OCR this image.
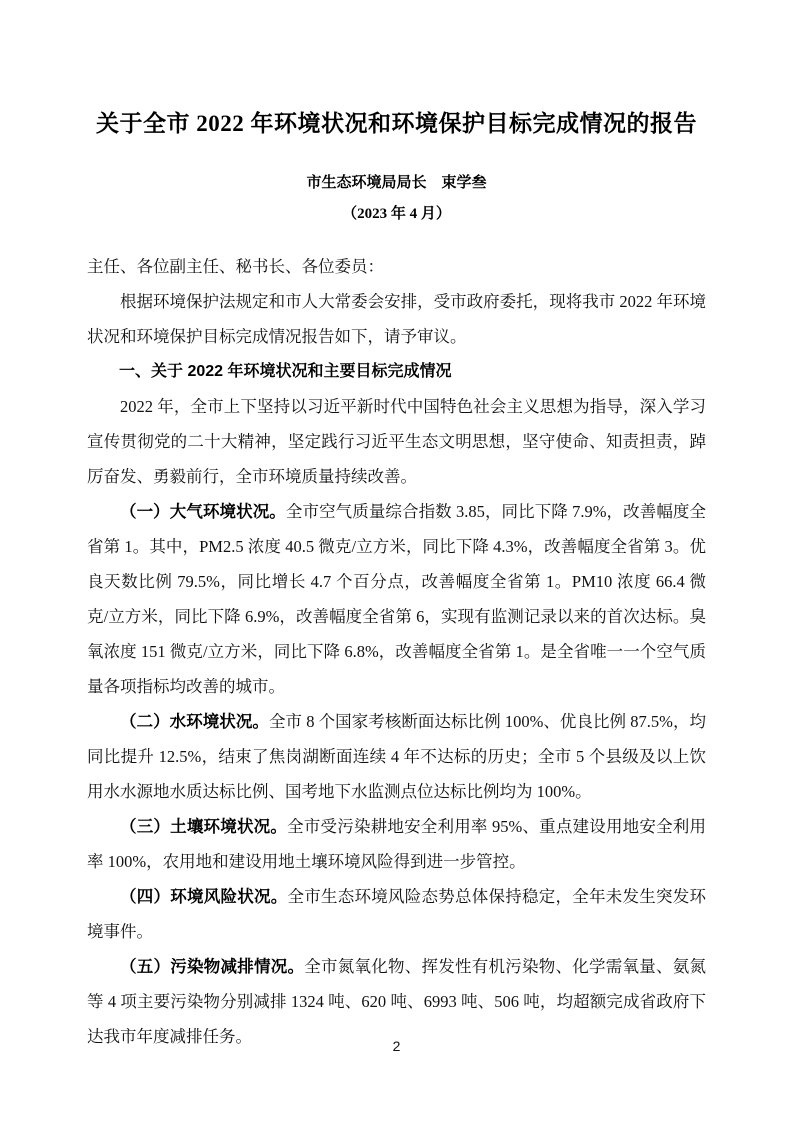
关于全市 2022 年环境状况和环境保护目标完成情况的报告
市生态环境局局长　束学叁
（2023 年 4 月）

主任、各位副主任、秘书长、各位委员：

根据环境保护法规定和市人大常委会安排，受市政府委托，现将我市 2022 年环境状况和环境保护目标完成情况报告如下，请予审议。

一、关于 2022 年环境状况和主要目标完成情况

2022 年，全市上下坚持以习近平新时代中国特色社会主义思想为指导，深入学习宣传贯彻党的二十大精神，坚定践行习近平生态文明思想，坚守使命、知责担责，踔厉奋发、勇毅前行，全市环境质量持续改善。

（一）大气环境状况。全市空气质量综合指数 3.85，同比下降 7.9%，改善幅度全省第 1。其中，PM2.5 浓度 40.5 微克/立方米，同比下降 4.3%，改善幅度全省第 3。优良天数比例 79.5%，同比增长 4.7 个百分点，改善幅度全省第 1。PM10 浓度 66.4 微克/立方米，同比下降 6.9%，改善幅度全省第 6，实现有监测记录以来的首次达标。臭氧浓度 151 微克/立方米，同比下降 6.8%，改善幅度全省第 1。是全省唯一一个空气质量各项指标均改善的城市。

（二）水环境状况。全市 8 个国家考核断面达标比例 100%、优良比例 87.5%，均同比提升 12.5%，结束了焦岗湖断面连续 4 年不达标的历史；全市 5 个县级及以上饮用水水源地水质达标比例、国考地下水监测点位达标比例均为 100%。

（三）土壤环境状况。全市受污染耕地安全利用率 95%、重点建设用地安全利用率 100%，农用地和建设用地土壤环境风险得到进一步管控。

（四）环境风险状况。全市生态环境风险态势总体保持稳定，全年未发生突发环境事件。

（五）污染物减排情况。全市氮氧化物、挥发性有机污染物、化学需氧量、氨氮等 4 项主要污染物分别减排 1324 吨、620 吨、6993 吨、506 吨，均超额完成省政府下达我市年度减排任务。	2
